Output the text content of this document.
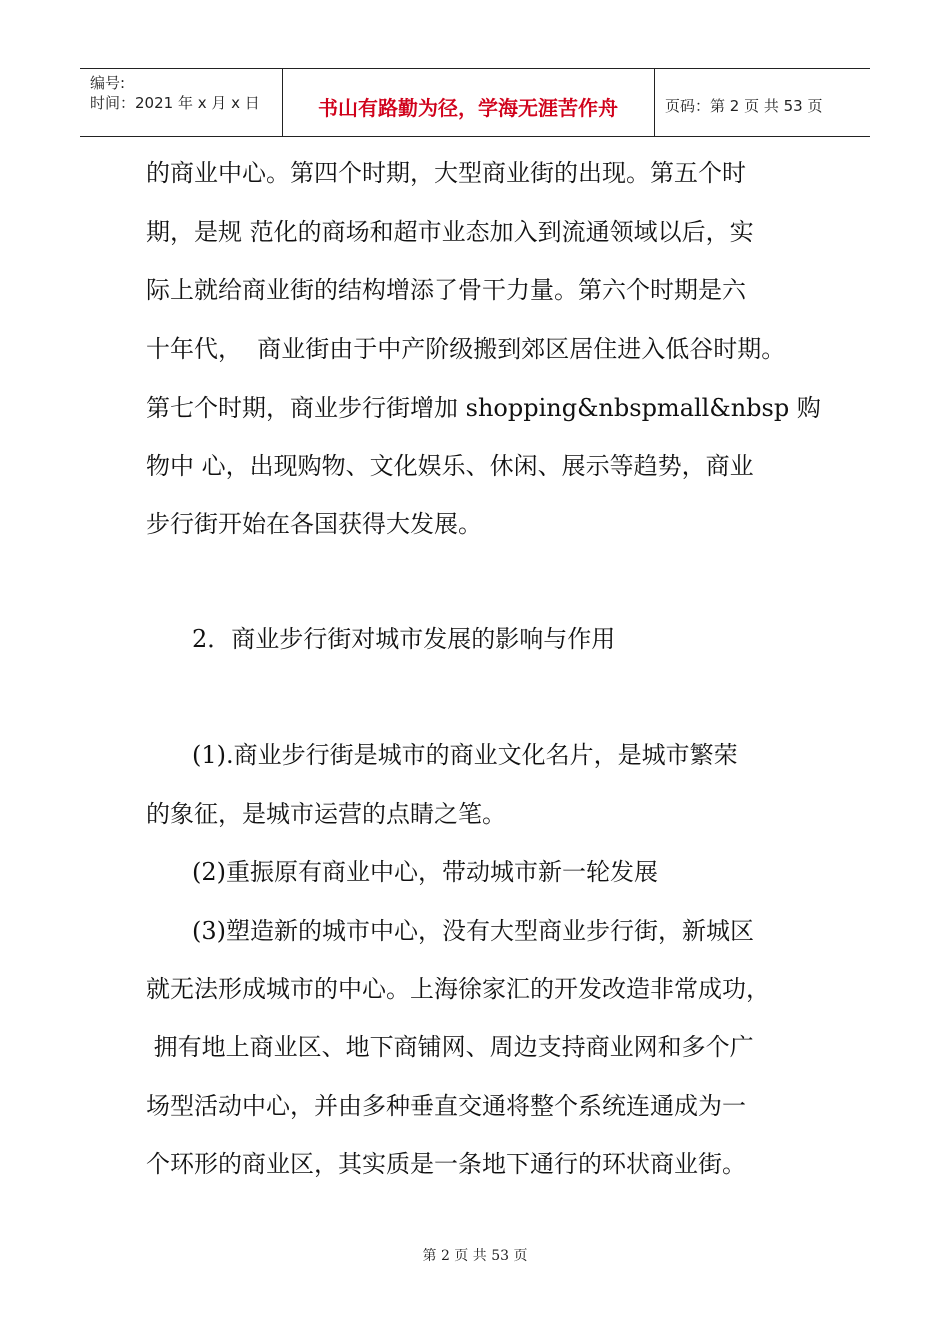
编号:
时间：2021 年 x 月 x 日	书山有路勤为径，学海无涯苦作舟	页码：第 2 页 共 53 页
的商业中心。第四个时期，大型商业街的出现。第五个时
期，是规 范化的商场和超市业态加入到流通领域以后，实
际上就给商业街的结构增添了骨干力量。第六个时期是六
十年代，  商业街由于中产阶级搬到郊区居住进入低谷时期。
第七个时期，商业步行街增加 shopping&nbspmall&nbsp 购
物中 心，出现购物、文化娱乐、休闲、展示等趋势，商业
步行街开始在各国获得大发展。
2．商业步行街对城市发展的影响与作用
(1).商业步行街是城市的商业文化名片，是城市繁荣
的象征，是城市运营的点睛之笔。
(2)重振原有商业中心，带动城市新一轮发展
(3)塑造新的城市中心，没有大型商业步行街，新城区
就无法形成城市的中心。上海徐家汇的开发改造非常成功，
拥有地上商业区、地下商铺网、周边支持商业网和多个广
场型活动中心，并由多种垂直交通将整个系统连通成为一
个环形的商业区，其实质是一条地下通行的环状商业街。
第 2 页 共 53 页
